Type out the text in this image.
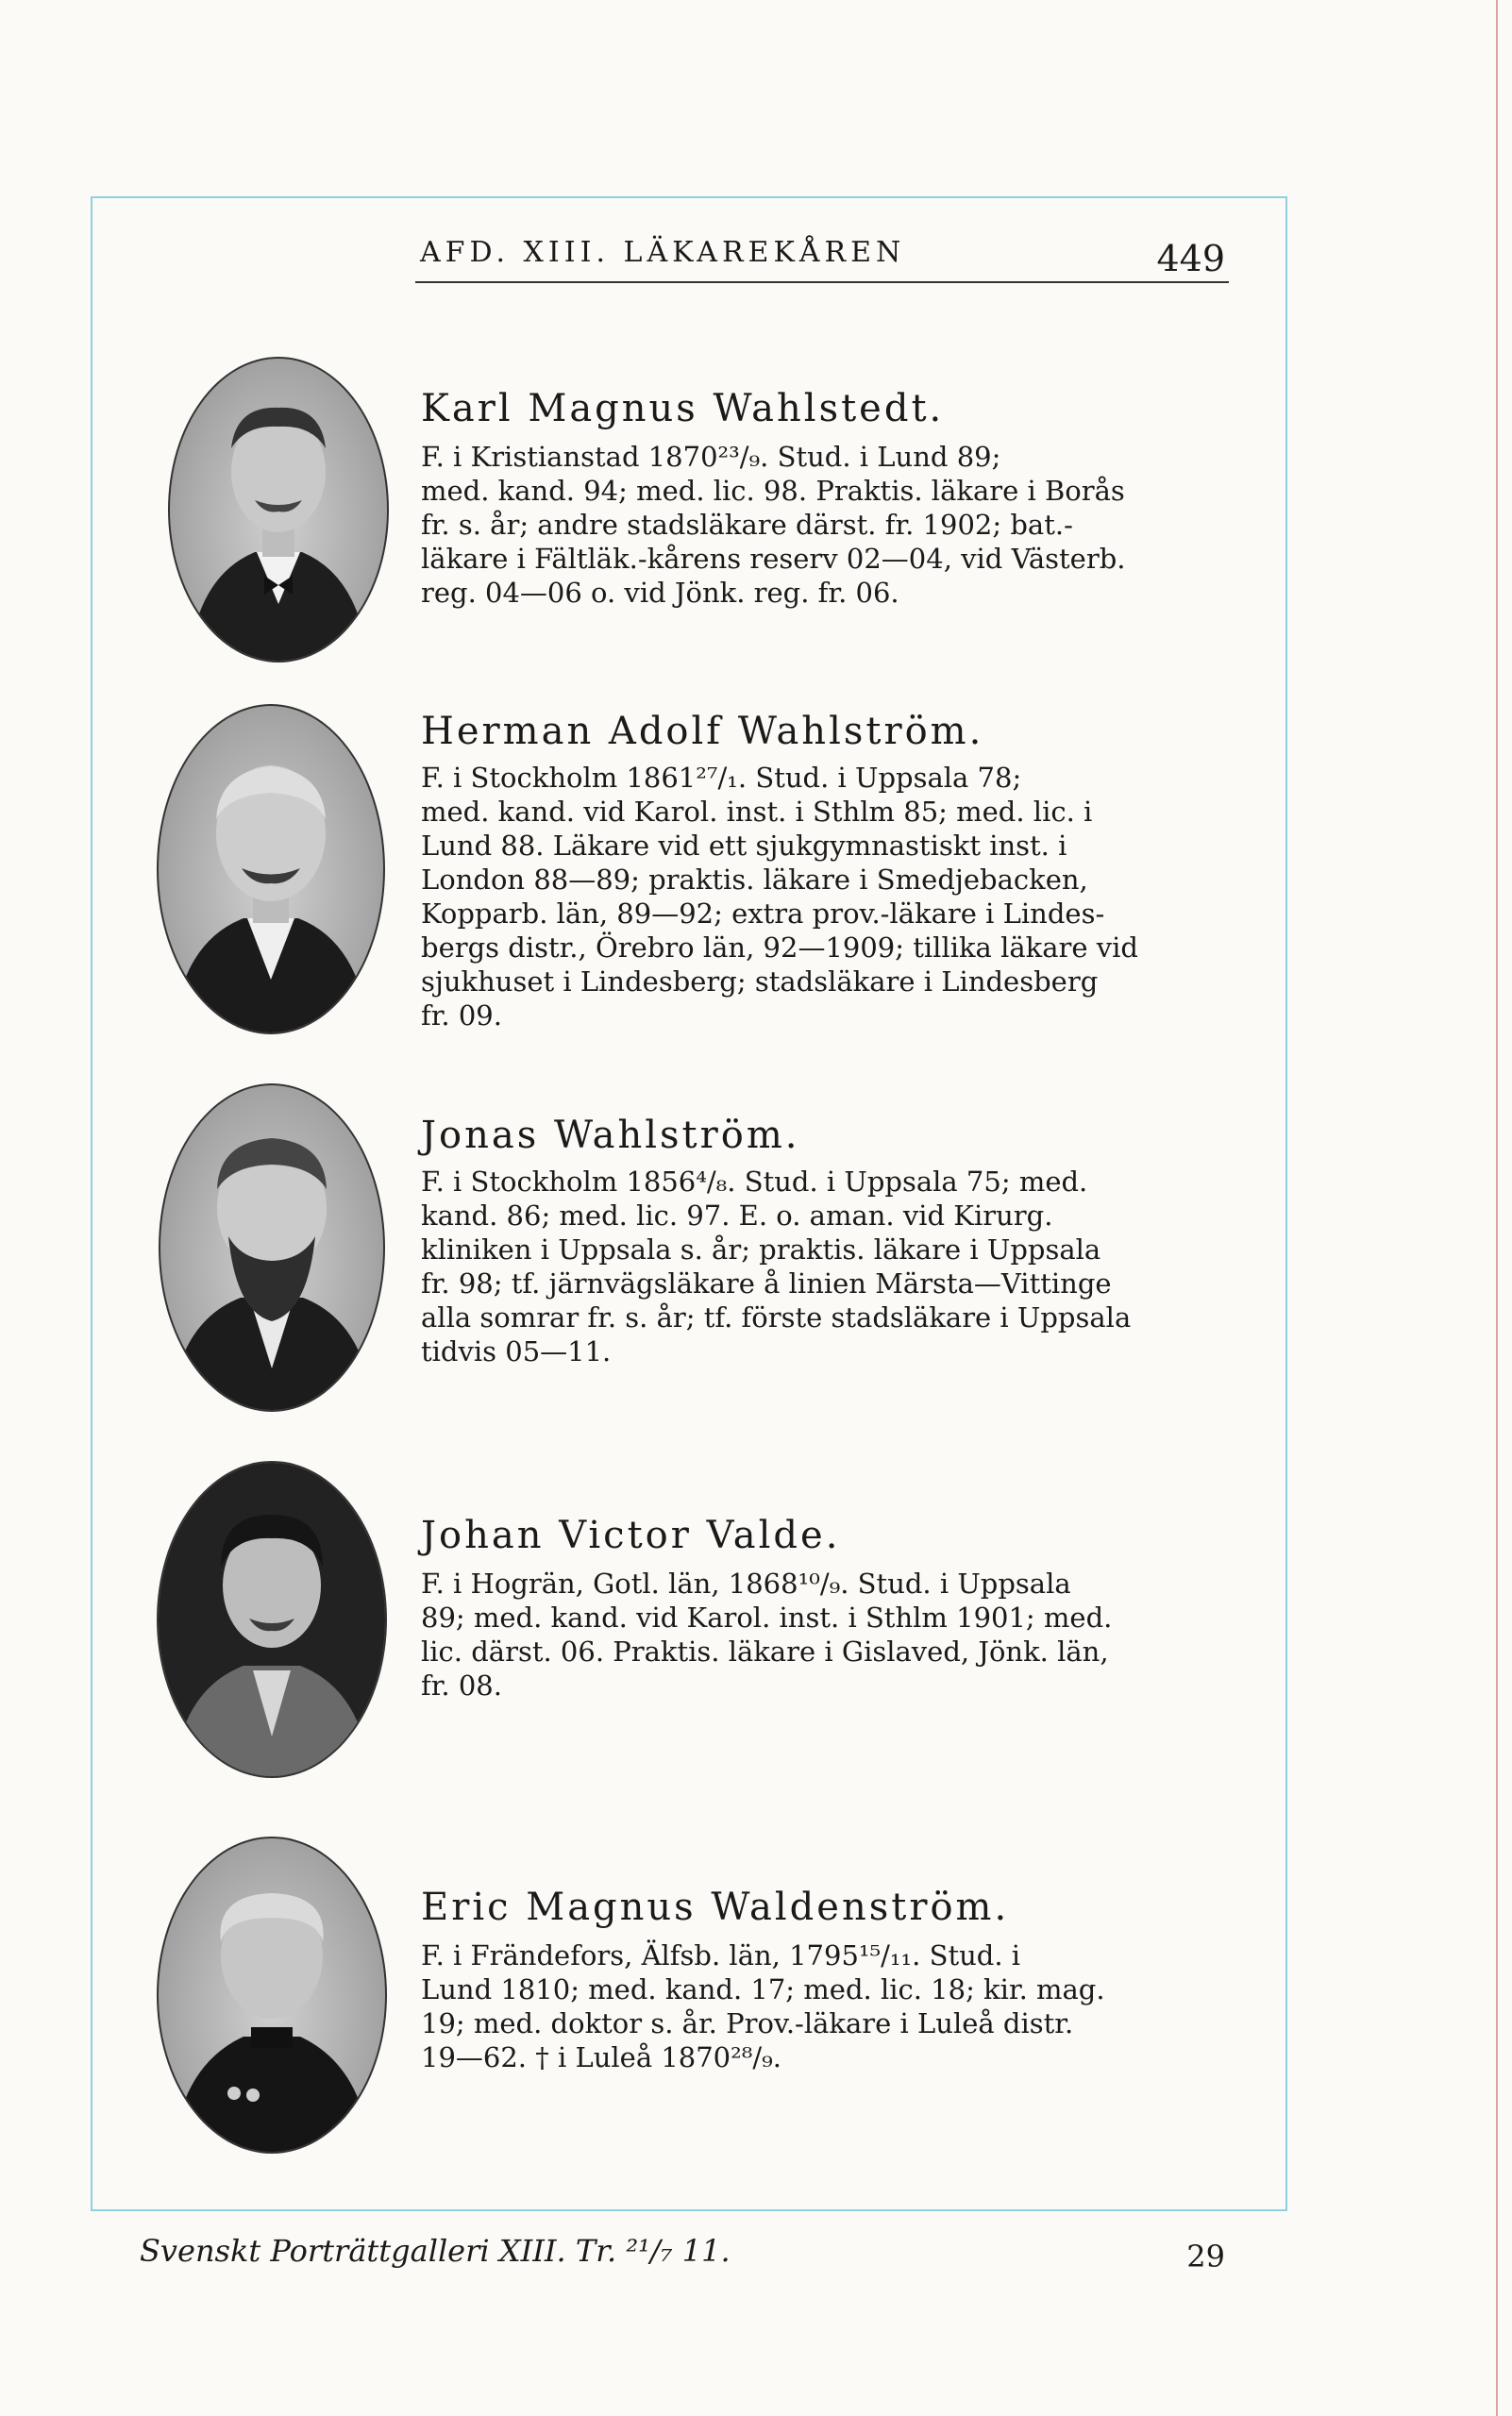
AFD. XIII. LÄKAREKÅREN	449
Karl Magnus Wahlstedt.
F. i Kristianstad 1870²³/₉. Stud. i Lund 89;
med. kand. 94; med. lic. 98. Praktis. läkare i Borås
fr. s. år; andre stadsläkare därst. fr. 1902; bat.-
läkare i Fältläk.-kårens reserv 02—04, vid Västerb.
reg. 04—06 o. vid Jönk. reg. fr. 06.
Herman Adolf Wahlström.
F. i Stockholm 1861²⁷/₁. Stud. i Uppsala 78;
med. kand. vid Karol. inst. i Sthlm 85; med. lic. i
Lund 88. Läkare vid ett sjukgymnastiskt inst. i
London 88—89; praktis. läkare i Smedjebacken,
Kopparb. län, 89—92; extra prov.-läkare i Lindes-
bergs distr., Örebro län, 92—1909; tillika läkare vid
sjukhuset i Lindesberg; stadsläkare i Lindesberg
fr. 09.
Jonas Wahlström.
F. i Stockholm 1856⁴/₈. Stud. i Uppsala 75; med.
kand. 86; med. lic. 97. E. o. aman. vid Kirurg.
kliniken i Uppsala s. år; praktis. läkare i Uppsala
fr. 98; tf. järnvägsläkare å linien Märsta—Vittinge
alla somrar fr. s. år; tf. förste stadsläkare i Uppsala
tidvis 05—11.
Johan Victor Valde.
F. i Hogrän, Gotl. län, 1868¹⁰/₉. Stud. i Uppsala
89; med. kand. vid Karol. inst. i Sthlm 1901; med.
lic. därst. 06. Praktis. läkare i Gislaved, Jönk. län,
fr. 08.
Eric Magnus Waldenström.
F. i Frändefors, Älfsb. län, 1795¹⁵/₁₁. Stud. i
Lund 1810; med. kand. 17; med. lic. 18; kir. mag.
19; med. doktor s. år. Prov.-läkare i Luleå distr.
19—62. † i Luleå 1870²⁸/₉.
Svenskt Porträttgalleri XIII. Tr. ²¹/₇ 11.	29
